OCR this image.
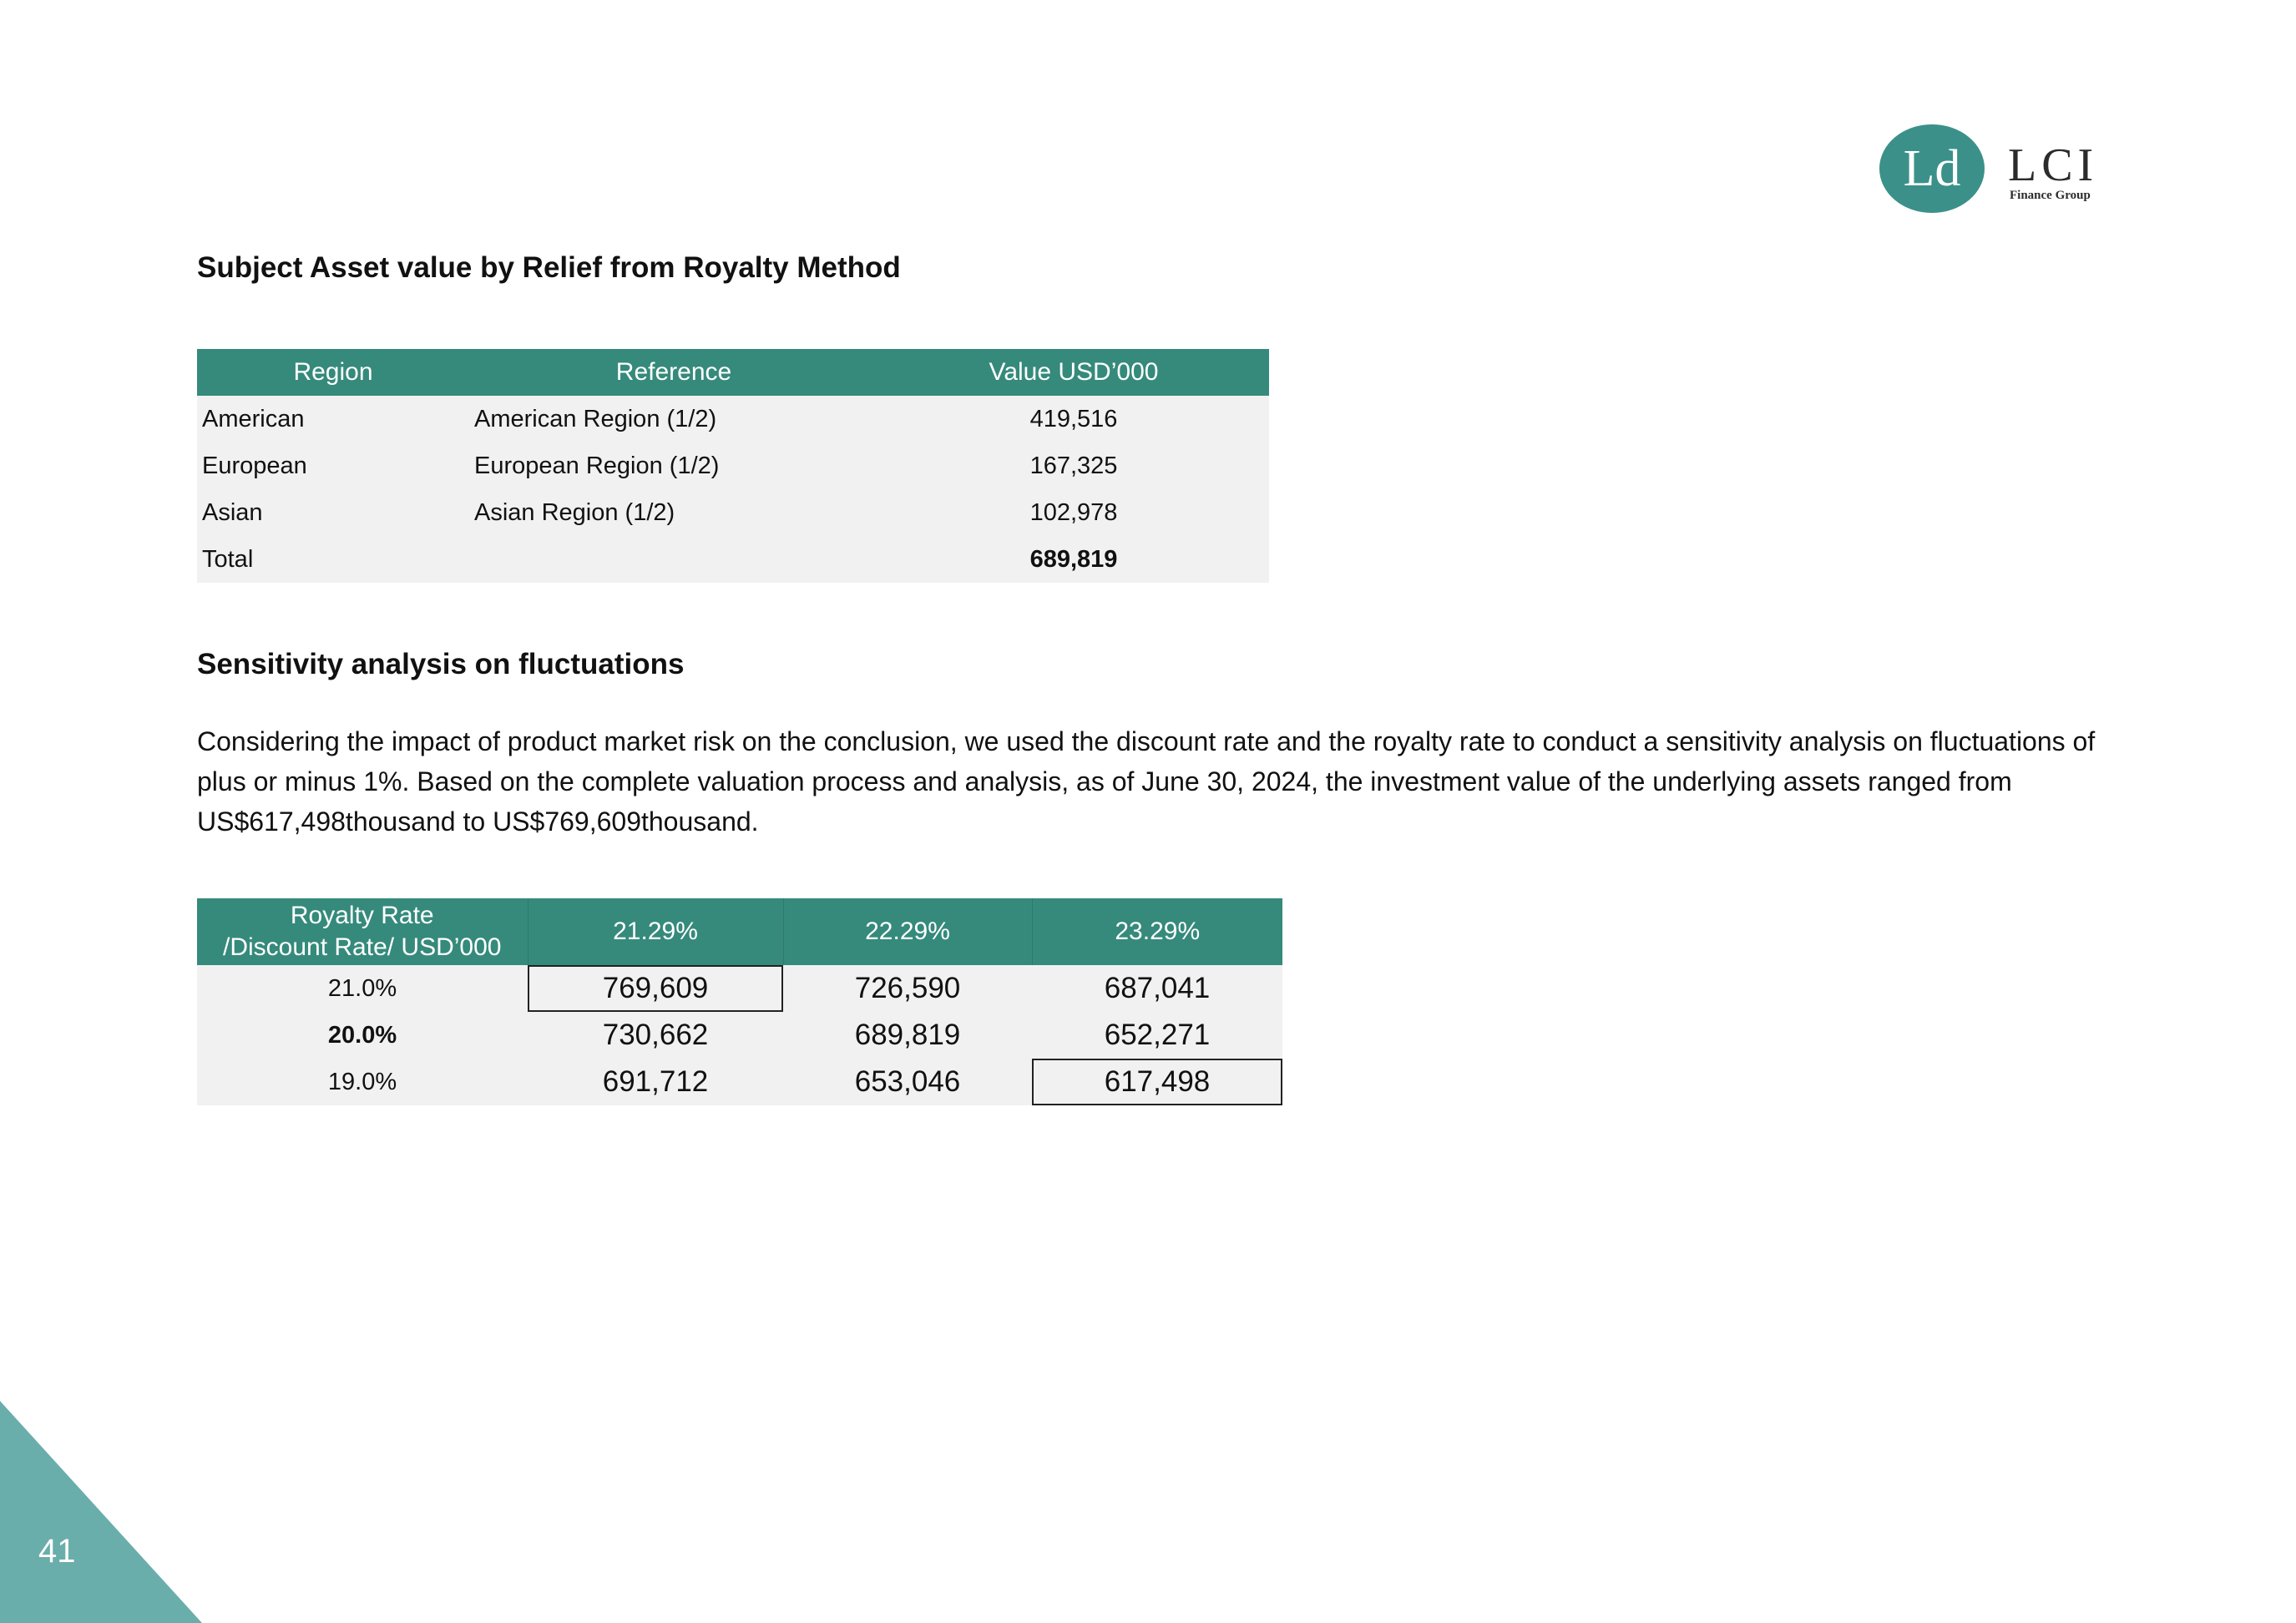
Ld LCI
Finance Group
Subject Asset value by Relief from Royalty Method
Region	Reference	Value USD’000
American	American Region (1/2)	419,516
European	European Region (1/2)	167,325
Asian	Asian Region (1/2)	102,978
Total		689,819
Sensitivity analysis on fluctuations

Considering the impact of product market risk on the conclusion, we used the discount rate and the royalty rate to conduct a sensitivity analysis on fluctuations of plus or minus 1%. Based on the complete valuation process and analysis, as of June 30, 2024, the investment value of the underlying assets ranged from US$617,498thousand to US$769,609thousand.

Royalty Rate
/Discount Rate/ USD’000	21.29%	22.29%	23.29%
21.0%	769,609	726,590	687,041
20.0%	730,662	689,819	652,271
19.0%	691,712	653,046	617,498
41
